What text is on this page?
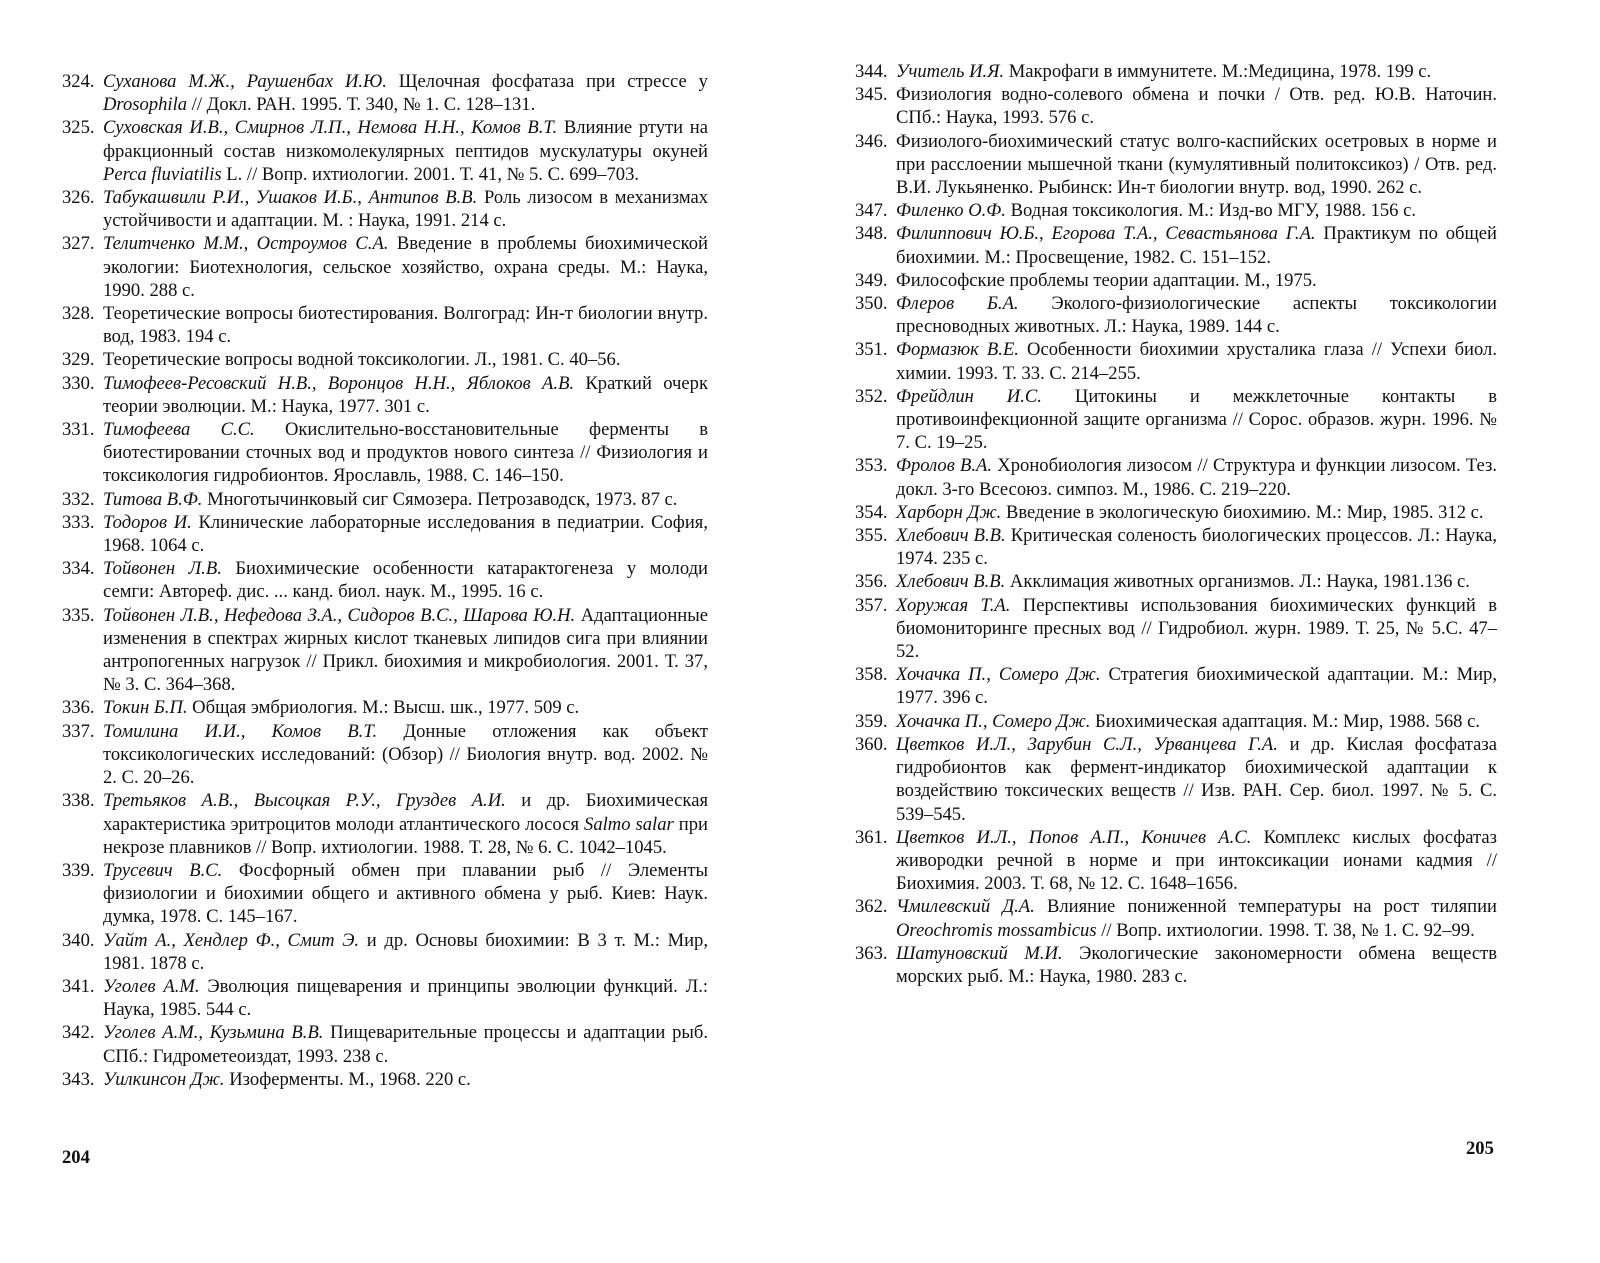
324. Суханова М.Ж., Раушенбах И.Ю. Щелочная фосфатаза при стрессе у Drosophila // Докл. РАН. 1995. Т. 340, № 1. С. 128–131.
325. Суховская И.В., Смирнов Л.П., Немова Н.Н., Комов В.Т. Влияние ртути на фракционный состав низкомолекулярных пептидов мускулатуры окуней Perca fluviatilis L. // Вопр. ихтиологии. 2001. Т. 41, № 5. С. 699–703.
326. Табукашвили Р.И., Ушаков И.Б., Антипов В.В. Роль лизосом в механизмах устойчивости и адаптации. М. : Наука, 1991. 214 с.
327. Телитченко М.М., Остроумов С.А. Введение в проблемы биохимической экологии: Биотехнология, сельское хозяйство, охрана среды. М.: Наука, 1990. 288 с.
328. Теоретические вопросы биотестирования. Волгоград: Ин-т биологии внутр. вод, 1983. 194 с.
329. Теоретические вопросы водной токсикологии. Л., 1981. С. 40–56.
330. Тимофеев-Ресовский Н.В., Воронцов Н.Н., Яблоков А.В. Краткий очерк теории эволюции. М.: Наука, 1977. 301 с.
331. Тимофеева С.С. Окислительно-восстановительные ферменты в биотестировании сточных вод и продуктов нового синтеза // Физиология и токсикология гидробионтов. Ярославль, 1988. С. 146–150.
332. Титова В.Ф. Многотычинковый сиг Сямозера. Петрозаводск, 1973. 87 с.
333. Тодоров И. Клинические лабораторные исследования в педиатрии. София, 1968. 1064 с.
334. Тойвонен Л.В. Биохимические особенности катарактогенеза у молоди семги: Автореф. дис. ... канд. биол. наук. М., 1995. 16 с.
335. Тойвонен Л.В., Нефедова З.А., Сидоров В.С., Шарова Ю.Н. Адаптационные изменения в спектрах жирных кислот тканевых липидов сига при влиянии антропогенных нагрузок // Прикл. биохимия и микробиология. 2001. Т. 37, № 3. С. 364–368.
336. Токин Б.П. Общая эмбриология. М.: Высш. шк., 1977. 509 с.
337. Томилина И.И., Комов В.Т. Донные отложения как объект токсикологических исследований: (Обзор) // Биология внутр. вод. 2002. № 2. С. 20–26.
338. Третьяков А.В., Высоцкая Р.У., Груздев А.И. и др. Биохимическая характеристика эритроцитов молоди атлантического лосося Salmo salar при некрозе плавников // Вопр. ихтиологии. 1988. Т. 28, № 6. С. 1042–1045.
339. Трусевич В.С. Фосфорный обмен при плавании рыб // Элементы физиологии и биохимии общего и активного обмена у рыб. Киев: Наук. думка, 1978. С. 145–167.
340. Уайт А., Хендлер Ф., Смит Э. и др. Основы биохимии: В 3 т. М.: Мир, 1981. 1878 с.
341. Уголев А.М. Эволюция пищеварения и принципы эволюции функций. Л.: Наука, 1985. 544 с.
342. Уголев А.М., Кузьмина В.В. Пищеварительные процессы и адаптации рыб. СПб.: Гидрометеоиздат, 1993. 238 с.
343. Уилкинсон Дж. Изоферменты. М., 1968. 220 с.
204
344. Учитель И.Я. Макрофаги в иммунитете. М.:Медицина, 1978. 199 с.
345. Физиология водно-солевого обмена и почки / Отв. ред. Ю.В. Наточин. СПб.: Наука, 1993. 576 с.
346. Физиолого-биохимический статус волго-каспийских осетровых в норме и при расслоении мышечной ткани (кумулятивный политоксикоз) / Отв. ред. В.И. Лукьяненко. Рыбинск: Ин-т биологии внутр. вод, 1990. 262 с.
347. Филенко О.Ф. Водная токсикология. М.: Изд-во МГУ, 1988. 156 с.
348. Филиппович Ю.Б., Егорова Т.А., Севастьянова Г.А. Практикум по общей биохимии. М.: Просвещение, 1982. С. 151–152.
349. Философские проблемы теории адаптации. М., 1975.
350. Флеров Б.А. Эколого-физиологические аспекты токсикологии пресноводных животных. Л.: Наука, 1989. 144 с.
351. Формазюк В.Е. Особенности биохимии хрусталика глаза // Успехи биол. химии. 1993. Т. 33. С. 214–255.
352. Фрейдлин И.С. Цитокины и межклеточные контакты в противоинфекционной защите организма // Сорос. образов. журн. 1996. № 7. С. 19–25.
353. Фролов В.А. Хронобиология лизосом // Структура и функции лизосом. Тез. докл. 3-го Всесоюз. симпоз. М., 1986. С. 219–220.
354. Харборн Дж. Введение в экологическую биохимию. М.: Мир, 1985. 312 с.
355. Хлебович В.В. Критическая соленость биологических процессов. Л.: Наука, 1974. 235 с.
356. Хлебович В.В. Акклимация животных организмов. Л.: Наука, 1981.136 с.
357. Хоружая Т.А. Перспективы использования биохимических функций в биомониторинге пресных вод // Гидробиол. журн. 1989. Т. 25, № 5.С. 47–52.
358. Хочачка П., Сомеро Дж. Стратегия биохимической адаптации. М.: Мир, 1977. 396 с.
359. Хочачка П., Сомеро Дж. Биохимическая адаптация. М.: Мир, 1988. 568 с.
360. Цветков И.Л., Зарубин С.Л., Урванцева Г.А. и др. Кислая фосфатаза гидробионтов как фермент-индикатор биохимической адаптации к воздействию токсических веществ // Изв. РАН. Сер. биол. 1997. № 5. С. 539–545.
361. Цветков И.Л., Попов А.П., Коничев А.С. Комплекс кислых фосфатаз живородки речной в норме и при интоксикации ионами кадмия // Биохимия. 2003. Т. 68, № 12. С. 1648–1656.
362. Чмилевский Д.А. Влияние пониженной температуры на рост тиляпии Oreochromis mossambicus // Вопр. ихтиологии. 1998. Т. 38, № 1. С. 92–99.
363. Шатуновский М.И. Экологические закономерности обмена веществ морских рыб. М.: Наука, 1980. 283 с.
205
